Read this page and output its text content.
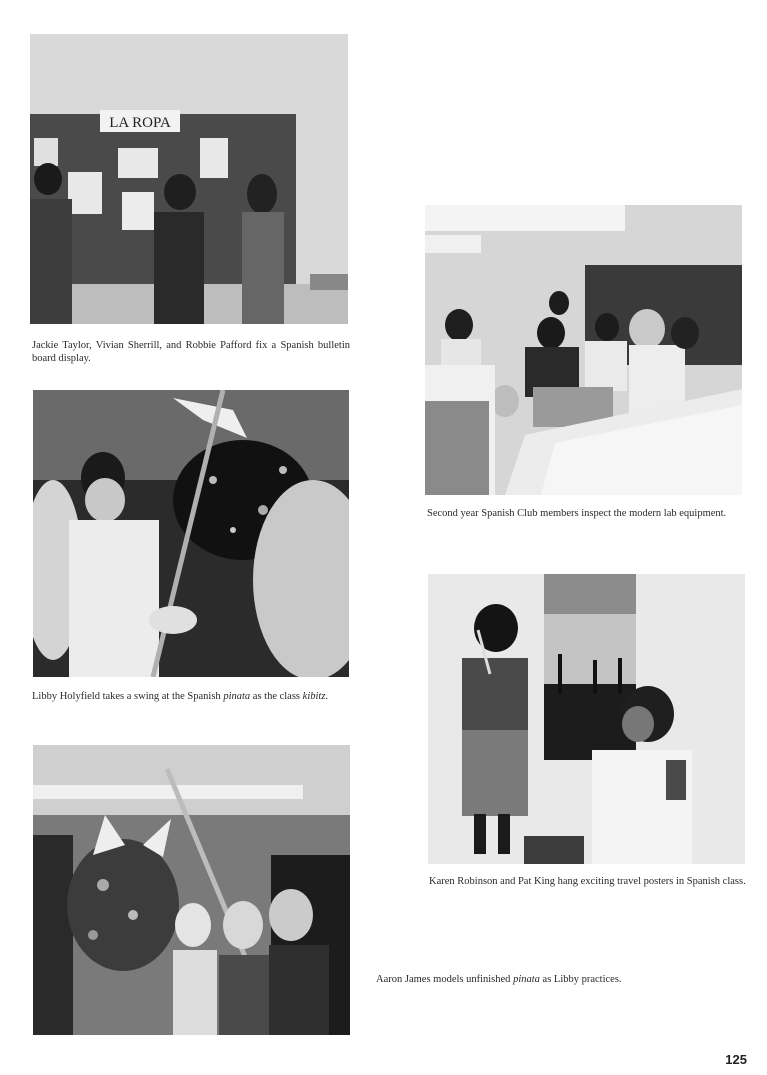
LA ROPA
Jackie Taylor, Vivian Sherrill, and Robbie Pafford fix a Spanish bulletin board display.
Libby Holyfield takes a swing at the Spanish pinata as the class kibitz.
Aaron James models unfinished pinata as Libby practices.
Second year Spanish Club members inspect the modern lab equipment.
Karen Robinson and Pat King hang exciting travel posters in Spanish class.
125
